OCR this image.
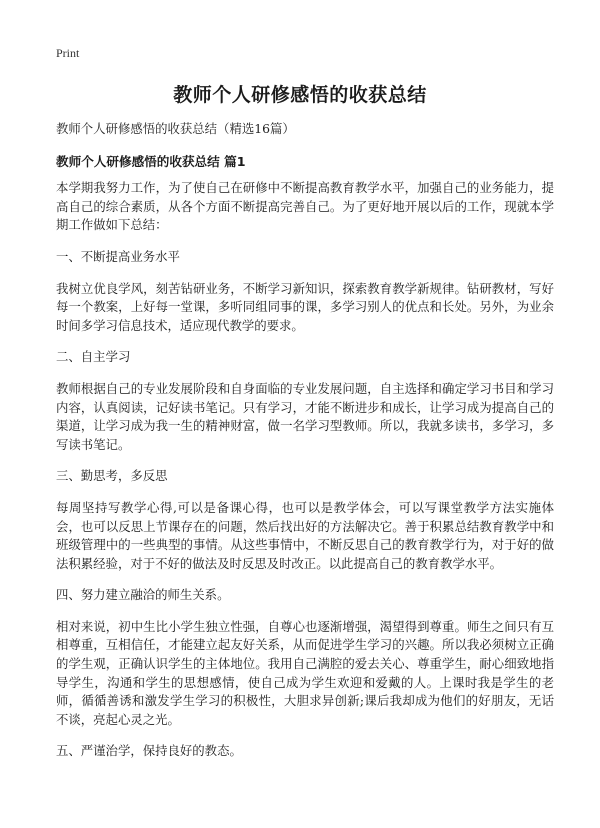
Print
教师个人研修感悟的收获总结

教师个人研修感悟的收获总结（精选16篇）

教师个人研修感悟的收获总结 篇1

本学期我努力工作，为了使自己在研修中不断提高教育教学水平，加强自己的业务能力，提高自己的综合素质，从各个方面不断提高完善自己。为了更好地开展以后的工作，现就本学期工作做如下总结：

一、不断提高业务水平

我树立优良学风，刻苦钻研业务，不断学习新知识，探索教育教学新规律。钻研教材，写好每一个教案，上好每一堂课，多听同组同事的课，多学习别人的优点和长处。另外，为业余时间多学习信息技术，适应现代教学的要求。

二、自主学习

教师根据自己的专业发展阶段和自身面临的专业发展问题，自主选择和确定学习书目和学习内容，认真阅读，记好读书笔记。只有学习，才能不断进步和成长，让学习成为提高自己的渠道，让学习成为我一生的精神财富，做一名学习型教师。所以，我就多读书，多学习，多写读书笔记。

三、勤思考，多反思

每周坚持写教学心得,可以是备课心得，也可以是教学体会，可以写课堂教学方法实施体会，也可以反思上节课存在的问题，然后找出好的方法解决它。善于积累总结教育教学中和班级管理中的一些典型的事情。从这些事情中，不断反思自己的教育教学行为，对于好的做法积累经验，对于不好的做法及时反思及时改正。以此提高自己的教育教学水平。

四、努力建立融洽的师生关系。

相对来说，初中生比小学生独立性强，自尊心也逐渐增强，渴望得到尊重。师生之间只有互相尊重，互相信任，才能建立起友好关系，从而促进学生学习的兴趣。所以我必须树立正确的学生观，正确认识学生的主体地位。我用自己满腔的爱去关心、尊重学生，耐心细致地指导学生，沟通和学生的思想感情，使自己成为学生欢迎和爱戴的人。上课时我是学生的老师，循循善诱和激发学生学习的积极性，大胆求异创新;课后我却成为他们的好朋友，无话不谈，亮起心灵之光。

五、严谨治学，保持良好的教态。
